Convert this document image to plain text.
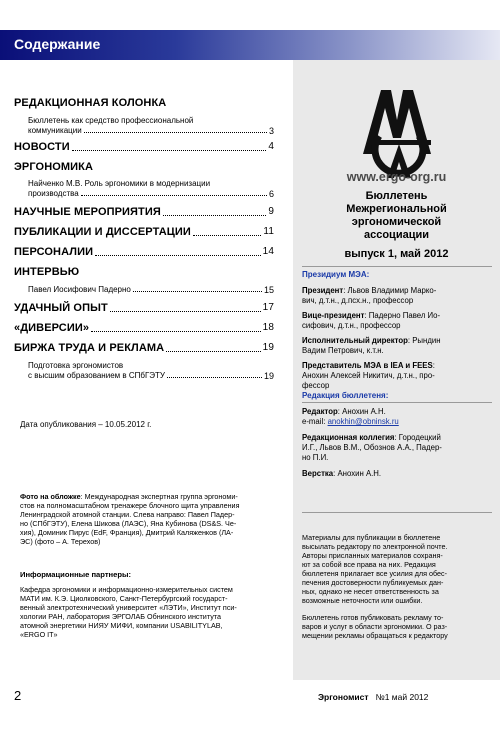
Содержание
РЕДАКЦИОННАЯ КОЛОНКА
Бюллетень как средство профессиональной
коммуникации	3
НОВОСТИ	4
ЭРГОНОМИКА
Найченко М.В. Роль эргономики в модернизации
производства	6
НАУЧНЫЕ МЕРОПРИЯТИЯ	9
ПУБЛИКАЦИИ И ДИССЕРТАЦИИ	11
ПЕРСОНАЛИИ	14
ИНТЕРВЬЮ
Павел Иосифович Падерно	15
УДАЧНЫЙ ОПЫТ	17
«ДИВЕРСИИ»	18
БИРЖА ТРУДА И РЕКЛАМА	19
Подготовка эргономистов
с высшим образованием в СПбГЭТУ	19
Дата опубликования – 10.05.2012 г.
Фото на обложке: Международная экспертная группа эргономи-
стов на полномасштабном тренажере блочного щита управления
Ленинградской атомной станции. Слева направо: Павел Падер-
но (СПбГЭТУ), Елена Шикова (ЛАЭС), Яна Кубинова (DS&S. Че-
хия), Доминик Пирус (EdF, Франция), Дмитрий Каляженков (ЛА-
ЭС) (фото – А. Терехов)
Информационные партнеры:
Кафедра эргономики и информационно-измерительных систем
МАТИ им. К.Э. Циолковского, Санкт-Петербургский государст-
венный электротехнический университет «ЛЭТИ», Институт пси-
хологии РАН, лаборатория ЭРГОЛАБ Обнинского института
атомной энергетики НИЯУ МИФИ, компании USABILITYLAB,
«ERGO IT»
www.ergo-org.ru
Бюллетень
Межрегиональной
эргономической
ассоциации
выпуск 1, май 2012
Президиум МЭА:
Президент: Львов Владимир Марко-
вич, д.т.н., д.псх.н., профессор
Вице-президент: Падерно Павел Ио-
сифович, д.т.н., профессор
Исполнительный директор: Рындин
Вадим Петрович, к.т.н.
Представитель МЭА в IEA и FEES:
Анохин Алексей Никитич, д.т.н., про-
фессор
Редакция бюллетеня:
Редактор: Анохин А.Н.
e-mail: anokhin@obninsk.ru
Редакционная коллегия: Городецкий
И.Г., Львов В.М., Обознов А.А., Падер-
но П.И.
Верстка: Анохин А.Н.
Материалы для публикации в бюллетене
высылать редактору по электронной почте.
Авторы присланных материалов сохраня-
ют за собой все права на них. Редакция
бюллетеня прилагает все усилия для обес-
печения достоверности публикуемых дан-
ных, однако не несет ответственность за
возможные неточности или ошибки.
Бюллетень готов публиковать рекламу то-
варов и услуг в области эргономики. О раз-
мещении рекламы обращаться к редактору
2	Эргономист №1 май 2012
